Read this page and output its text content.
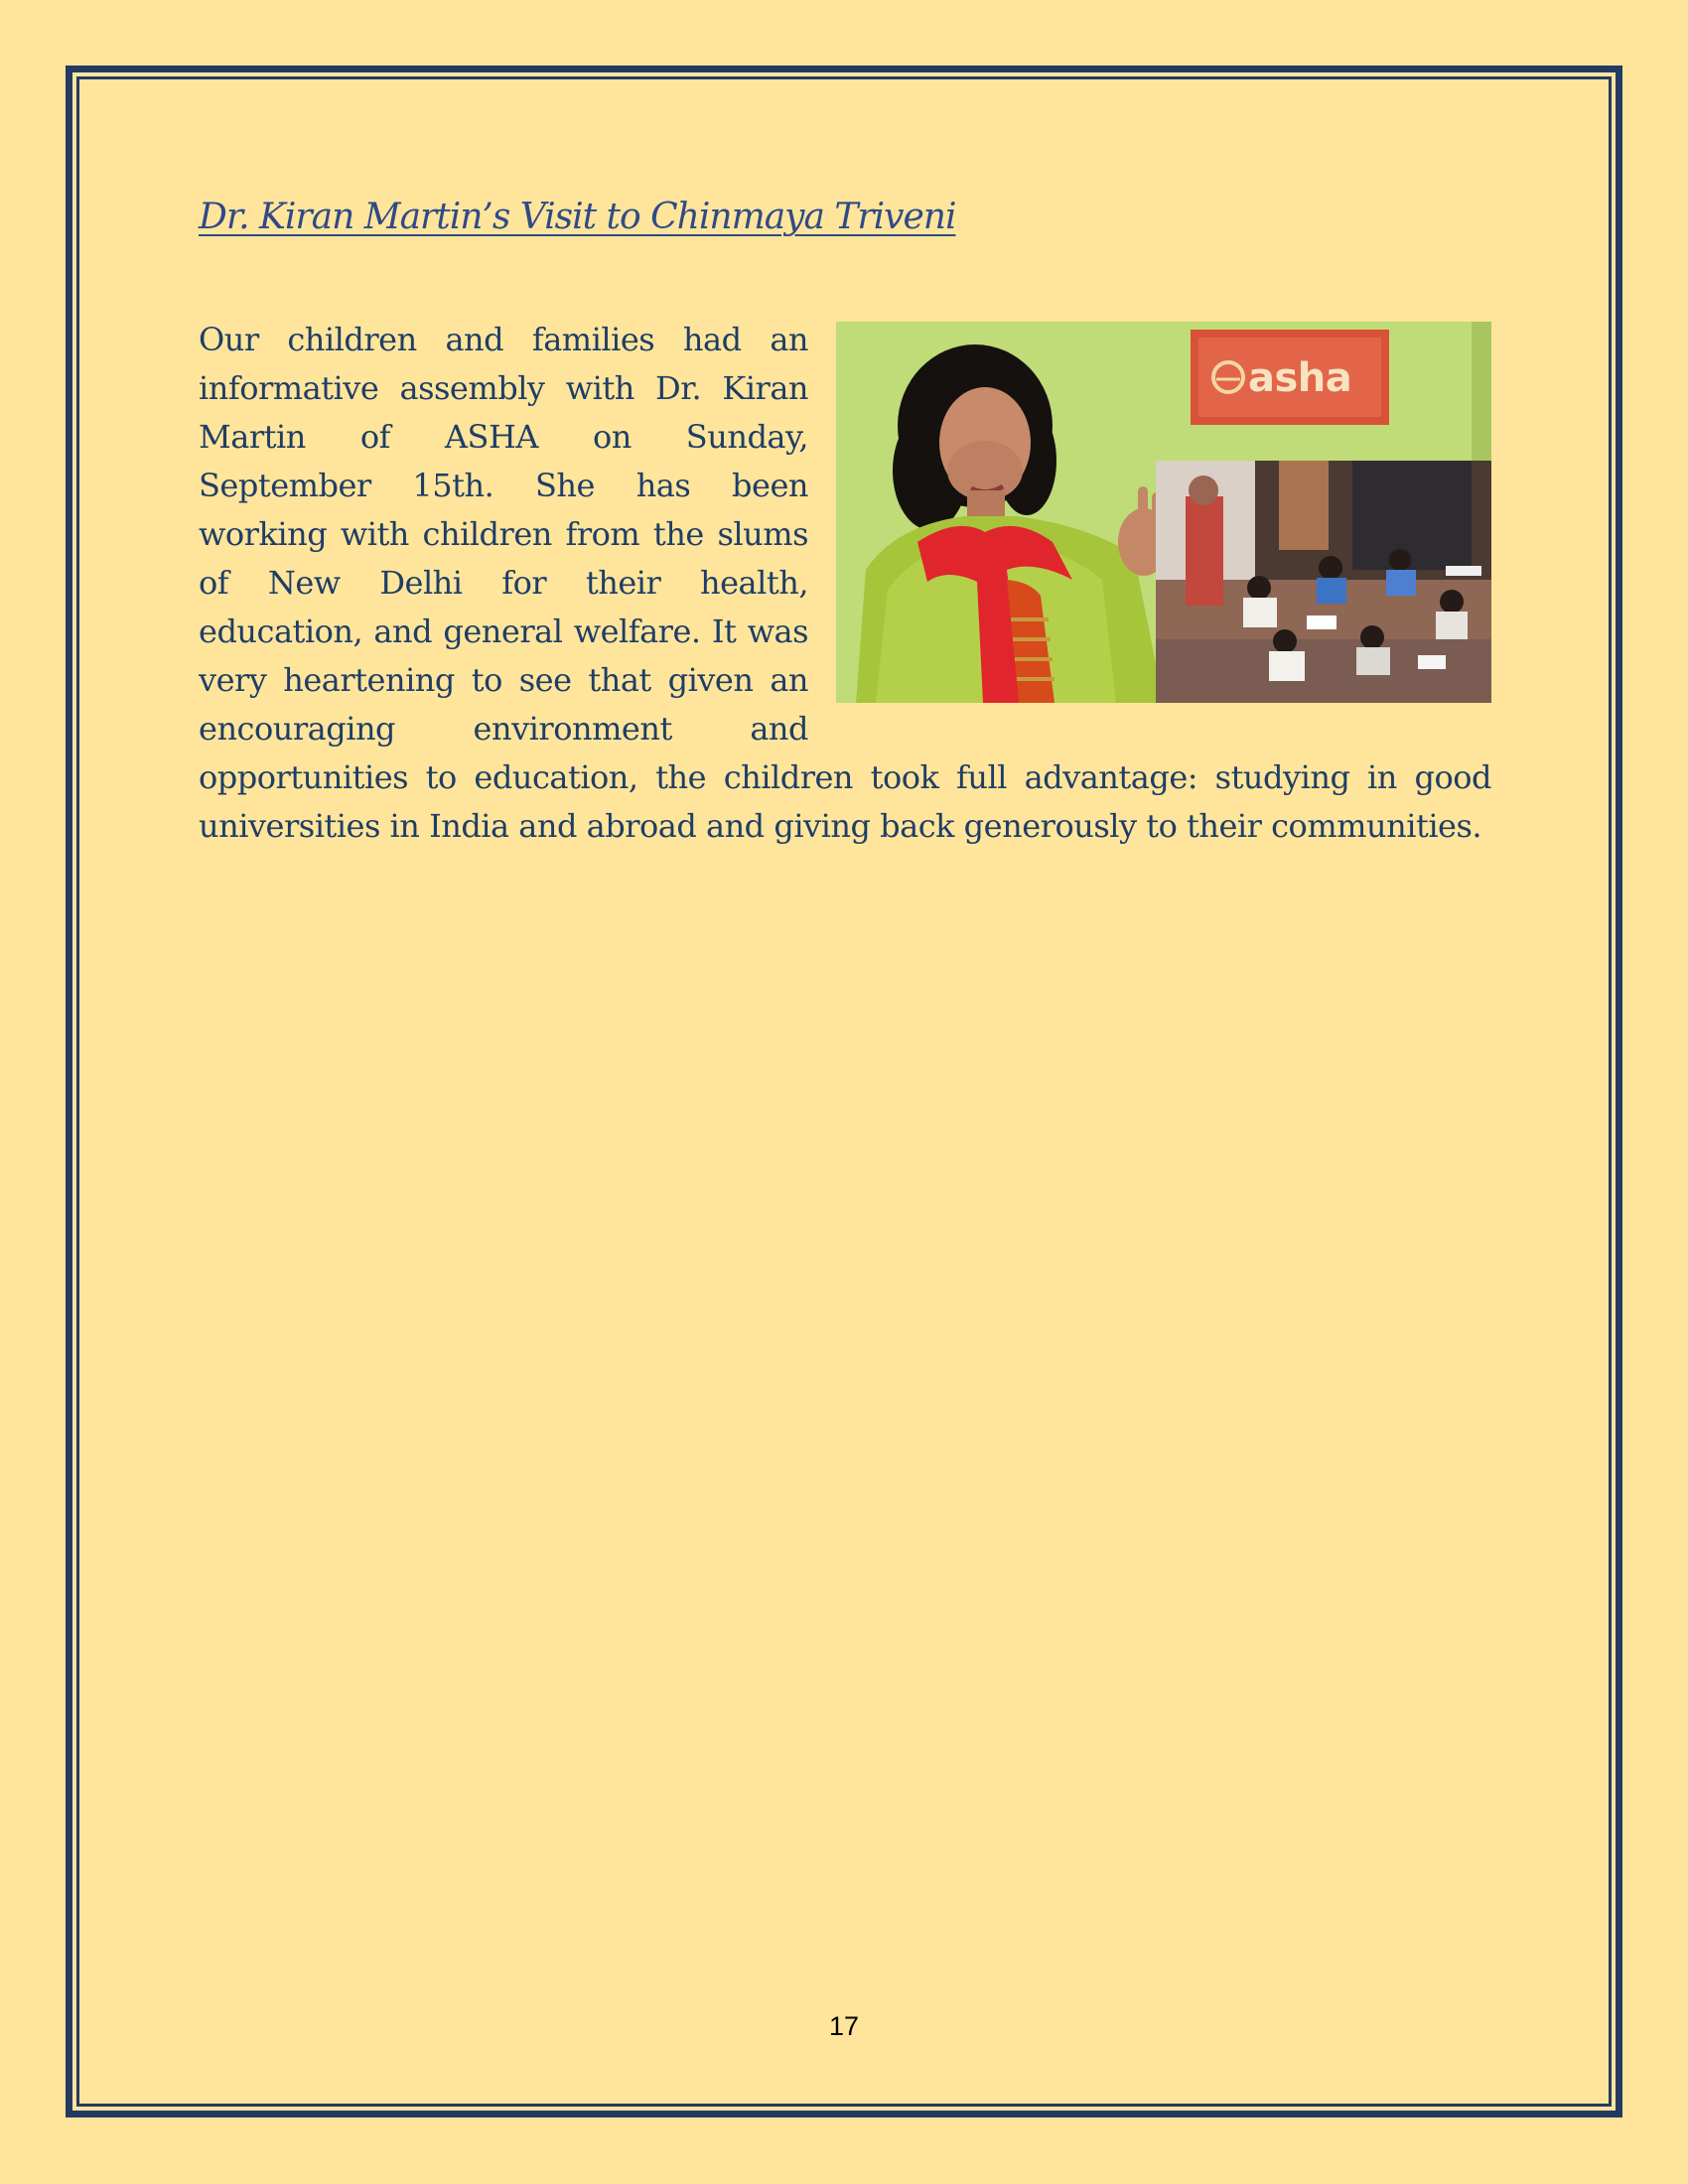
Dr. Kiran Martin’s Visit to Chinmaya Triveni
asha
Our children and families had an informative assembly with Dr. Kiran Martin of ASHA on Sunday, September 15th. She has been working with children from the slums of New Delhi for their health, education, and general welfare. It was very heartening to see that given an encouraging environment and opportunities to education, the children took full advantage: studying in good universities in India and abroad and giving back generously to their communities.

17
